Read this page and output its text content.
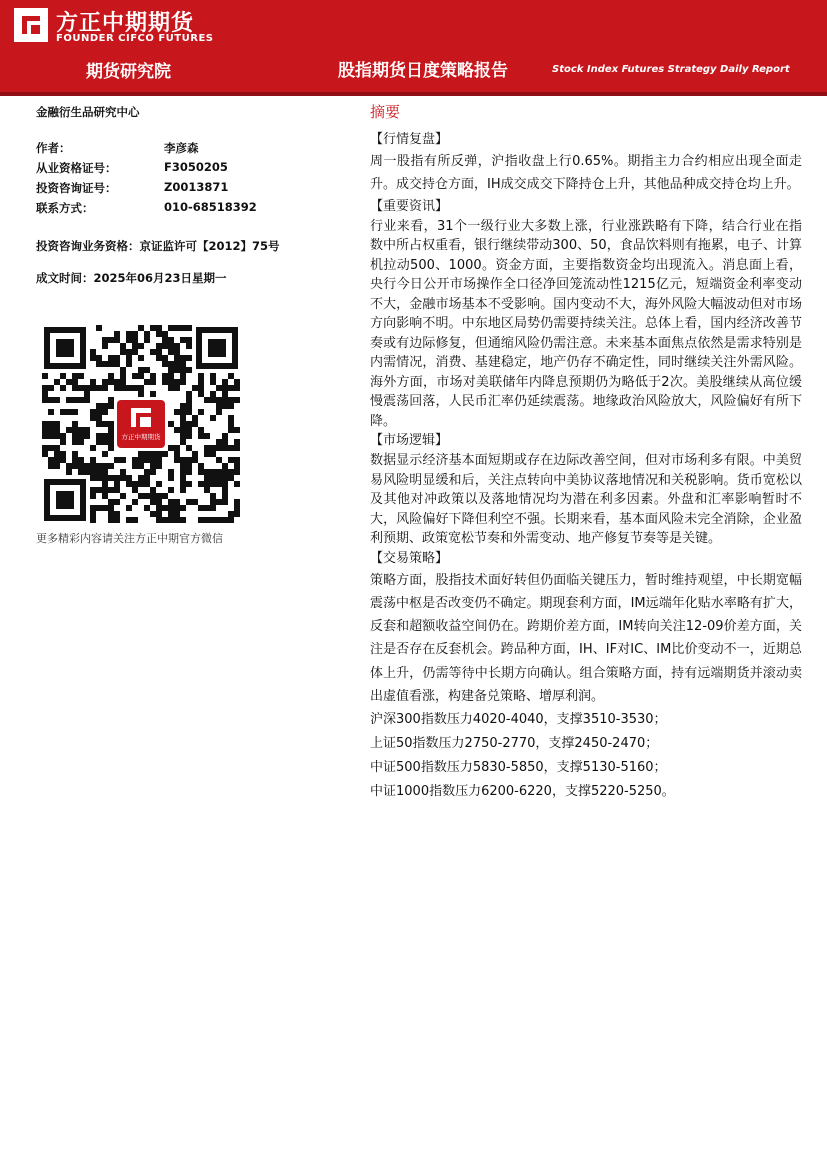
方正中期期货
FOUNDER CIFCO FUTURES
期货研究院	股指期货日度策略报告	Stock Index Futures Strategy Daily Report
金融衍生品研究中心
作者：	李彦森
从业资格证号：	F3050205
投资咨询证号：	Z0013871
联系方式：	010-68518392
投资咨询业务资格：京证监许可【2012】75号
成文时间：2025年06月23日星期一
方正中期期货
更多精彩内容请关注方正中期官方微信
摘要
【行情复盘】

周一股指有所反弹，沪指收盘上行0.65%。期指主力合约相应出现全面走升。成交持仓方面，IH成交成交下降持仓上升，其他品种成交持仓均上升。

【重要资讯】

行业来看，31个一级行业大多数上涨，行业涨跌略有下降，结合行业在指数中所占权重看，银行继续带动300、50，食品饮料则有拖累，电子、计算机拉动500、1000。资金方面，主要指数资金均出现流入。消息面上看，央行今日公开市场操作全口径净回笼流动性1215亿元，短端资金利率变动不大，金融市场基本不受影响。国内变动不大，海外风险大幅波动但对市场方向影响不明。中东地区局势仍需要持续关注。总体上看，国内经济改善节奏或有边际修复，但通缩风险仍需注意。未来基本面焦点依然是需求特别是内需情况，消费、基建稳定，地产仍存不确定性，同时继续关注外需风险。海外方面，市场对美联储年内降息预期仍为略低于2次。美股继续从高位缓慢震荡回落，人民币汇率仍延续震荡。地缘政治风险放大，风险偏好有所下降。

【市场逻辑】

数据显示经济基本面短期或存在边际改善空间，但对市场利多有限。中美贸易风险明显缓和后，关注点转向中美协议落地情况和关税影响。货币宽松以及其他对冲政策以及落地情况均为潜在利多因素。外盘和汇率影响暂时不大，风险偏好下降但利空不强。长期来看，基本面风险未完全消除，企业盈利预期、政策宽松节奏和外需变动、地产修复节奏等是关键。

【交易策略】

策略方面，股指技术面好转但仍面临关键压力，暂时维持观望，中长期宽幅震荡中枢是否改变仍不确定。期现套利方面，IM远端年化贴水率略有扩大，反套和超额收益空间仍在。跨期价差方面，IM转向关注12-09价差方面，关注是否存在反套机会。跨品种方面，IH、IF对IC、IM比价变动不一，近期总体上升，仍需等待中长期方向确认。组合策略方面，持有远端期货并滚动卖出虚值看涨，构建备兑策略、增厚利润。

沪深300指数压力4020-4040，支撑3510-3530；
上证50指数压力2750-2770，支撑2450-2470；
中证500指数压力5830-5850，支撑5130-5160；
中证1000指数压力6200-6220，支撑5220-5250。
